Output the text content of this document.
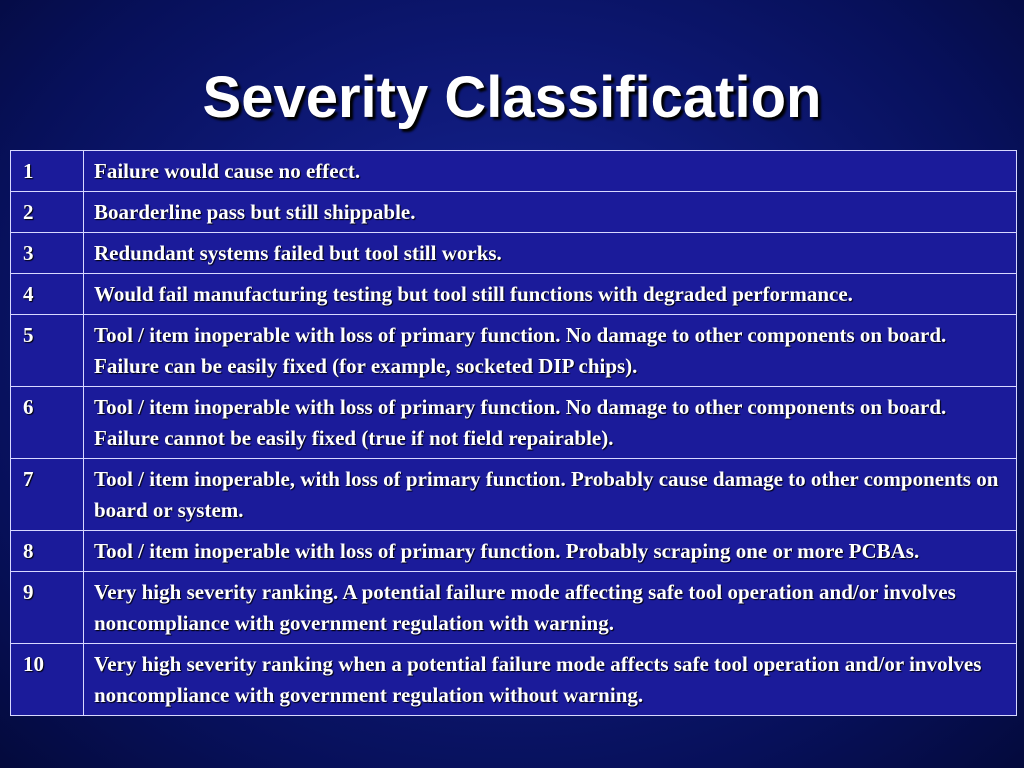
Severity Classification
1	Failure would cause no effect.
2	Boarderline pass but still shippable.
3	Redundant systems failed but tool still works.
4	Would fail manufacturing testing but tool still functions with degraded performance.
5	Tool / item inoperable with loss of primary function. No damage to other components on board. Failure can be easily fixed (for example, socketed DIP chips).
6	Tool / item inoperable with loss of primary function. No damage to other components on board. Failure cannot be easily fixed (true if not field repairable).
7	Tool / item inoperable, with loss of primary function. Probably cause damage to other components on board or system.
8	Tool / item inoperable with loss of primary function. Probably scraping one or more PCBAs.
9	Very high severity ranking. A potential failure mode affecting safe tool operation and/or involves noncompliance with government regulation with warning.
10	Very high severity ranking when a potential failure mode affects safe tool operation and/or involves noncompliance with government regulation without warning.
